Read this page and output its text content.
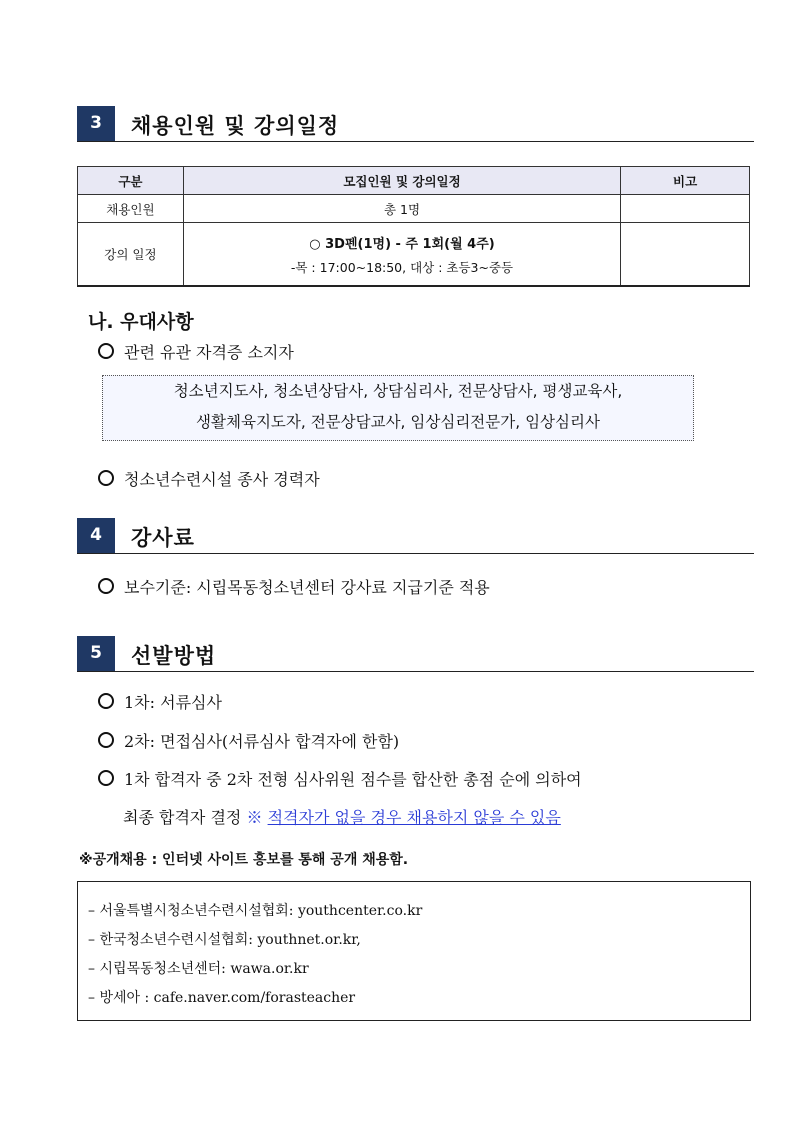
3	채용인원 및 강의일정
구분	모집인원 및 강의일정	비고
채용인원	총 1명	
강의 일정	○ 3D펜(1명) - 주 1회(월 4주)
-목 : 17:00~18:50, 대상 : 초등3~중등	

나. 우대사항
관련 유관 자격증 소지자
청소년지도사, 청소년상담사, 상담심리사, 전문상담사, 평생교육사,
생활체육지도자, 전문상담교사, 임상심리전문가, 임상심리사
청소년수련시설 종사 경력자
4	강사료
보수기준: 시립목동청소년센터 강사료 지급기준 적용
5	선발방법
1차: 서류심사
2차: 면접심사(서류심사 합격자에 한함)
1차 합격자 중 2차 전형 심사위원 점수를 합산한 총점 순에 의하여
최종 합격자 결정 ※ 적격자가 없을 경우 채용하지 않을 수 있음
※공개채용 : 인터넷 사이트 홍보를 통해 공개 채용함.
– 서울특별시청소년수련시설협회: youthcenter.co.kr
– 한국청소년수련시설협회: youthnet.or.kr,
– 시립목동청소년센터: wawa.or.kr
– 방세아 : cafe.naver.com/forasteacher
